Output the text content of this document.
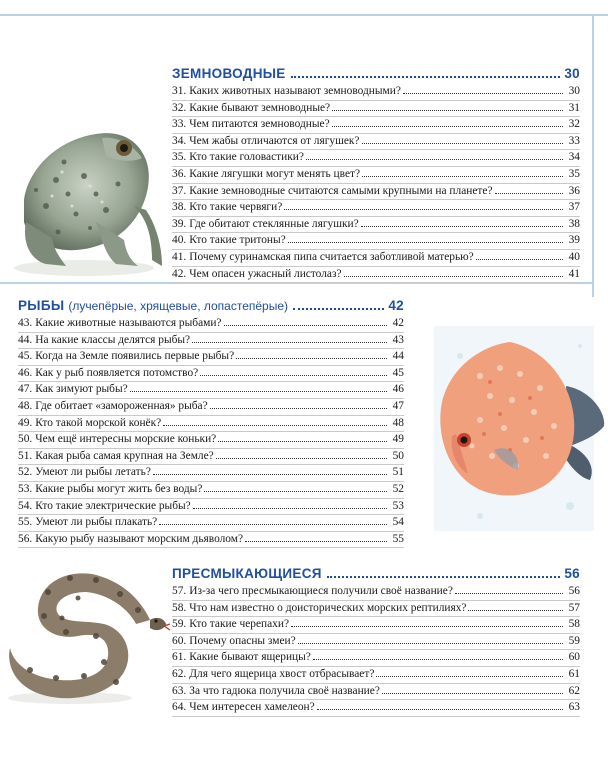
ЗЕМНОВОДНЫЕ	30
31. Каких животных называют земноводными?	30
32. Какие бывают земноводные?	31
33. Чем питаются земноводные?	32
34. Чем жабы отличаются от лягушек?	33
35. Кто такие головастики?	34
36. Какие лягушки могут менять цвет?	35
37. Какие земноводные считаются самыми крупными на планете?	36
38. Кто такие червяги?	37
39. Где обитают стеклянные лягушки?	38
40. Кто такие тритоны?	39
41. Почему суринамская пипа считается заботливой матерью?	40
42. Чем опасен ужасный листолаз?	41
РЫБЫ (лучепёрые, хрящевые, лопастепёрые)	42
43. Какие животные называются рыбами?	42
44. На какие классы делятся рыбы?	43
45. Когда на Земле появились первые рыбы?	44
46. Как у рыб появляется потомство?	45
47. Как зимуют рыбы?	46
48. Где обитает «замороженная» рыба?	47
49. Кто такой морской конёк?	48
50. Чем ещё интересны морские коньки?	49
51. Какая рыба самая крупная на Земле?	50
52. Умеют ли рыбы летать?	51
53. Какие рыбы могут жить без воды?	52
54. Кто такие электрические рыбы?	53
55. Умеют ли рыбы плакать?	54
56. Какую рыбу называют морским дьяволом?	55
ПРЕСМЫКАЮЩИЕСЯ	56
57. Из-за чего пресмыкающиеся получили своё название?	56
58. Что нам известно о доисторических морских рептилиях?	57
59. Кто такие черепахи?	58
60. Почему опасны змеи?	59
61. Какие бывают ящерицы?	60
62. Для чего ящерица хвост отбрасывает?	61
63. За что гадюка получила своё название?	62
64. Чем интересен хамелеон?	63
